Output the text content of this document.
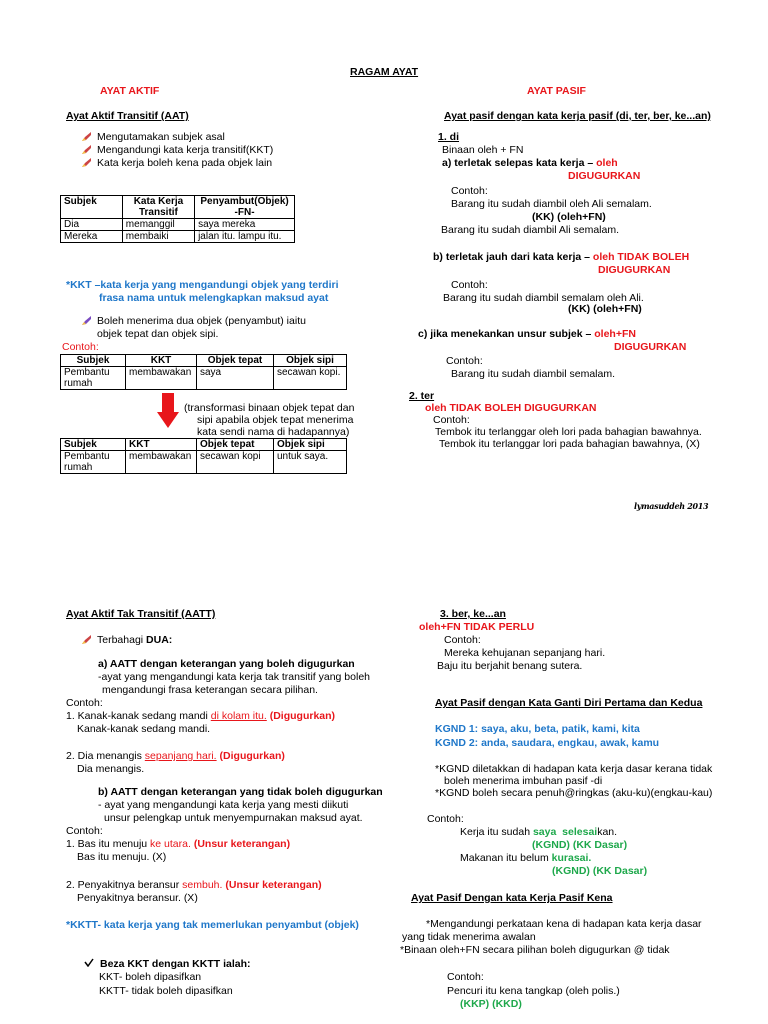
RAGAM AYAT
AYAT AKTIF	AYAT PASIF
Ayat Aktif Transitif (AAT)
Mengutamakan subjek asal
Mengandungi kata kerja transitif(KKT)
Kata kerja boleh kena pada objek lain
Subjek	Kata Kerja Transitif	Penyambut(Objek) -FN-
Dia	memanggil	saya mereka
Mereka	membaiki	jalan itu. lampu itu.
*KKT –kata kerja yang mengandungi objek yang terdiri
frasa nama untuk melengkapkan maksud ayat
Boleh menerima dua objek (penyambut) iaitu
objek tepat dan objek sipi.
Contoh:
Subjek	KKT	Objek tepat	Objek sipi
Pembantu rumah	membawakan	saya	secawan kopi.
(transformasi binaan objek tepat dan
sipi apabila objek tepat menerima
kata sendi nama di hadapannya)
Subjek	KKT	Objek tepat	Objek sipi
Pembantu rumah	membawakan	secawan kopi	untuk saya.
Ayat pasif dengan kata kerja pasif (di, ter, ber, ke...an)
1. di
Binaan oleh + FN
a) terletak selepas kata kerja – oleh
DIGUGURKAN
Contoh:
Barang itu sudah diambil oleh Ali semalam.
(KK) (oleh+FN)
Barang itu sudah diambil Ali semalam.
b) terletak jauh dari kata kerja – oleh TIDAK BOLEH
DIGUGURKAN
Contoh:
Barang itu sudah diambil semalam oleh Ali.
(KK) (oleh+FN)
c) jika menekankan unsur subjek – oleh+FN
DIGUGURKAN
Contoh:
Barang itu sudah diambil semalam.
2. ter
oleh TIDAK BOLEH DIGUGURKAN
Contoh:
Tembok itu terlanggar oleh lori pada bahagian bawahnya.
Tembok itu terlanggar lori pada bahagian bawahnya, (X)
lymasuddeh 2013
Ayat Aktif Tak Transitif (AATT)
Terbahagi DUA:
a) AATT dengan keterangan yang boleh digugurkan
-ayat yang mengandungi kata kerja tak transitif yang boleh
mengandungi frasa keterangan secara pilihan.
Contoh:
1. Kanak-kanak sedang mandi di kolam itu. (Digugurkan)
Kanak-kanak sedang mandi.
2. Dia menangis sepanjang hari. (Digugurkan)
Dia menangis.
b) AATT dengan keterangan yang tidak boleh digugurkan
- ayat yang mengandungi kata kerja yang mesti diikuti
unsur pelengkap untuk menyempurnakan maksud ayat.
Contoh:
1. Bas itu menuju ke utara. (Unsur keterangan)
Bas itu menuju. (X)
2. Penyakitnya beransur sembuh. (Unsur keterangan)
Penyakitnya beransur. (X)
*KKTT- kata kerja yang tak memerlukan penyambut (objek)
Beza KKT dengan KKTT ialah:
KKT- boleh dipasifkan
KKTT- tidak boleh dipasifkan
3. ber, ke...an
oleh+FN TIDAK PERLU
Contoh:
Mereka kehujanan sepanjang hari.
Baju itu berjahit benang sutera.
Ayat Pasif dengan Kata Ganti Diri Pertama dan Kedua
KGND 1: saya, aku, beta, patik, kami, kita
KGND 2: anda, saudara, engkau, awak, kamu
*KGND diletakkan di hadapan kata kerja dasar kerana tidak
boleh menerima imbuhan pasif -di
*KGND boleh secara penuh@ringkas (aku-ku)(engkau-kau)
Contoh:
Kerja itu sudah saya selesaikan.
(KGND) (KK Dasar)
Makanan itu belum kurasai.
(KGND) (KK Dasar)
Ayat Pasif Dengan kata Kerja Pasif Kena
*Mengandungi perkataan kena di hadapan kata kerja dasar
yang tidak menerima awalan
*Binaan oleh+FN secara pilihan boleh digugurkan @ tidak
Contoh:
Pencuri itu kena tangkap (oleh polis.)
(KKP) (KKD)
